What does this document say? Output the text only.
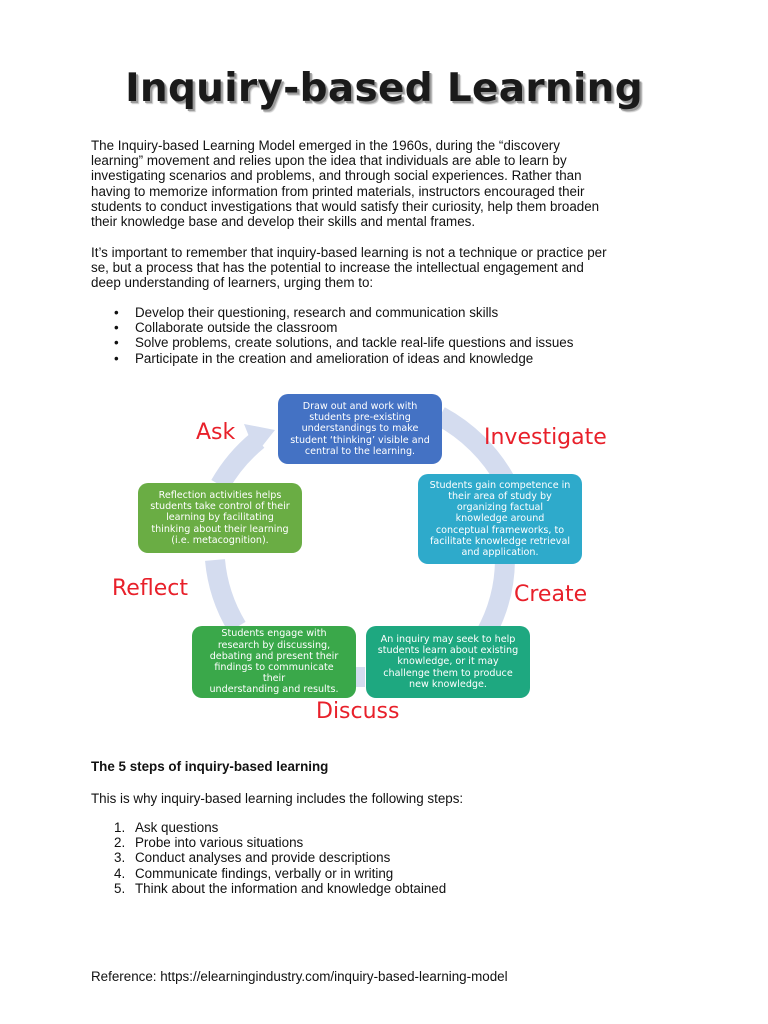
Inquiry-based Learning

The Inquiry-based Learning Model emerged in the 1960s, during the “discovery

learning” movement and relies upon the idea that individuals are able to learn by

investigating scenarios and problems, and through social experiences. Rather than

having to memorize information from printed materials, instructors encouraged their

students to conduct investigations that would satisfy their curiosity, help them broaden

their knowledge base and develop their skills and mental frames.

It’s important to remember that inquiry-based learning is not a technique or practice per

se, but a process that has the potential to increase the intellectual engagement and

deep understanding of learners, urging them to:

• Develop their questioning, research and communication skills
• Collaborate outside the classroom
• Solve problems, create solutions, and tackle real-life questions and issues
• Participate in the creation and amelioration of ideas and knowledge
Draw out and work with
students pre-existing
understandings to make
student ‘thinking’ visible and
central to the learning.
Students gain competence in
their area of study by
organizing factual
knowledge around
conceptual frameworks, to
facilitate knowledge retrieval
and application.
An inquiry may seek to help
students learn about existing
knowledge, or it may
challenge them to produce
new knowledge.
Students engage with
research by discussing,
debating and present their
findings to communicate their
understanding and results.
Reflection activities helps
students take control of their
learning by facilitating
thinking about their learning
(i.e. metacognition).
Ask	Investigate
Create
Discuss
Reflect
The 5 steps of inquiry-based learning
This is why inquiry-based learning includes the following steps:
1. Ask questions
2. Probe into various situations
3. Conduct analyses and provide descriptions
4. Communicate findings, verbally or in writing
5. Think about the information and knowledge obtained
Reference: https://elearningindustry.com/inquiry-based-learning-model
